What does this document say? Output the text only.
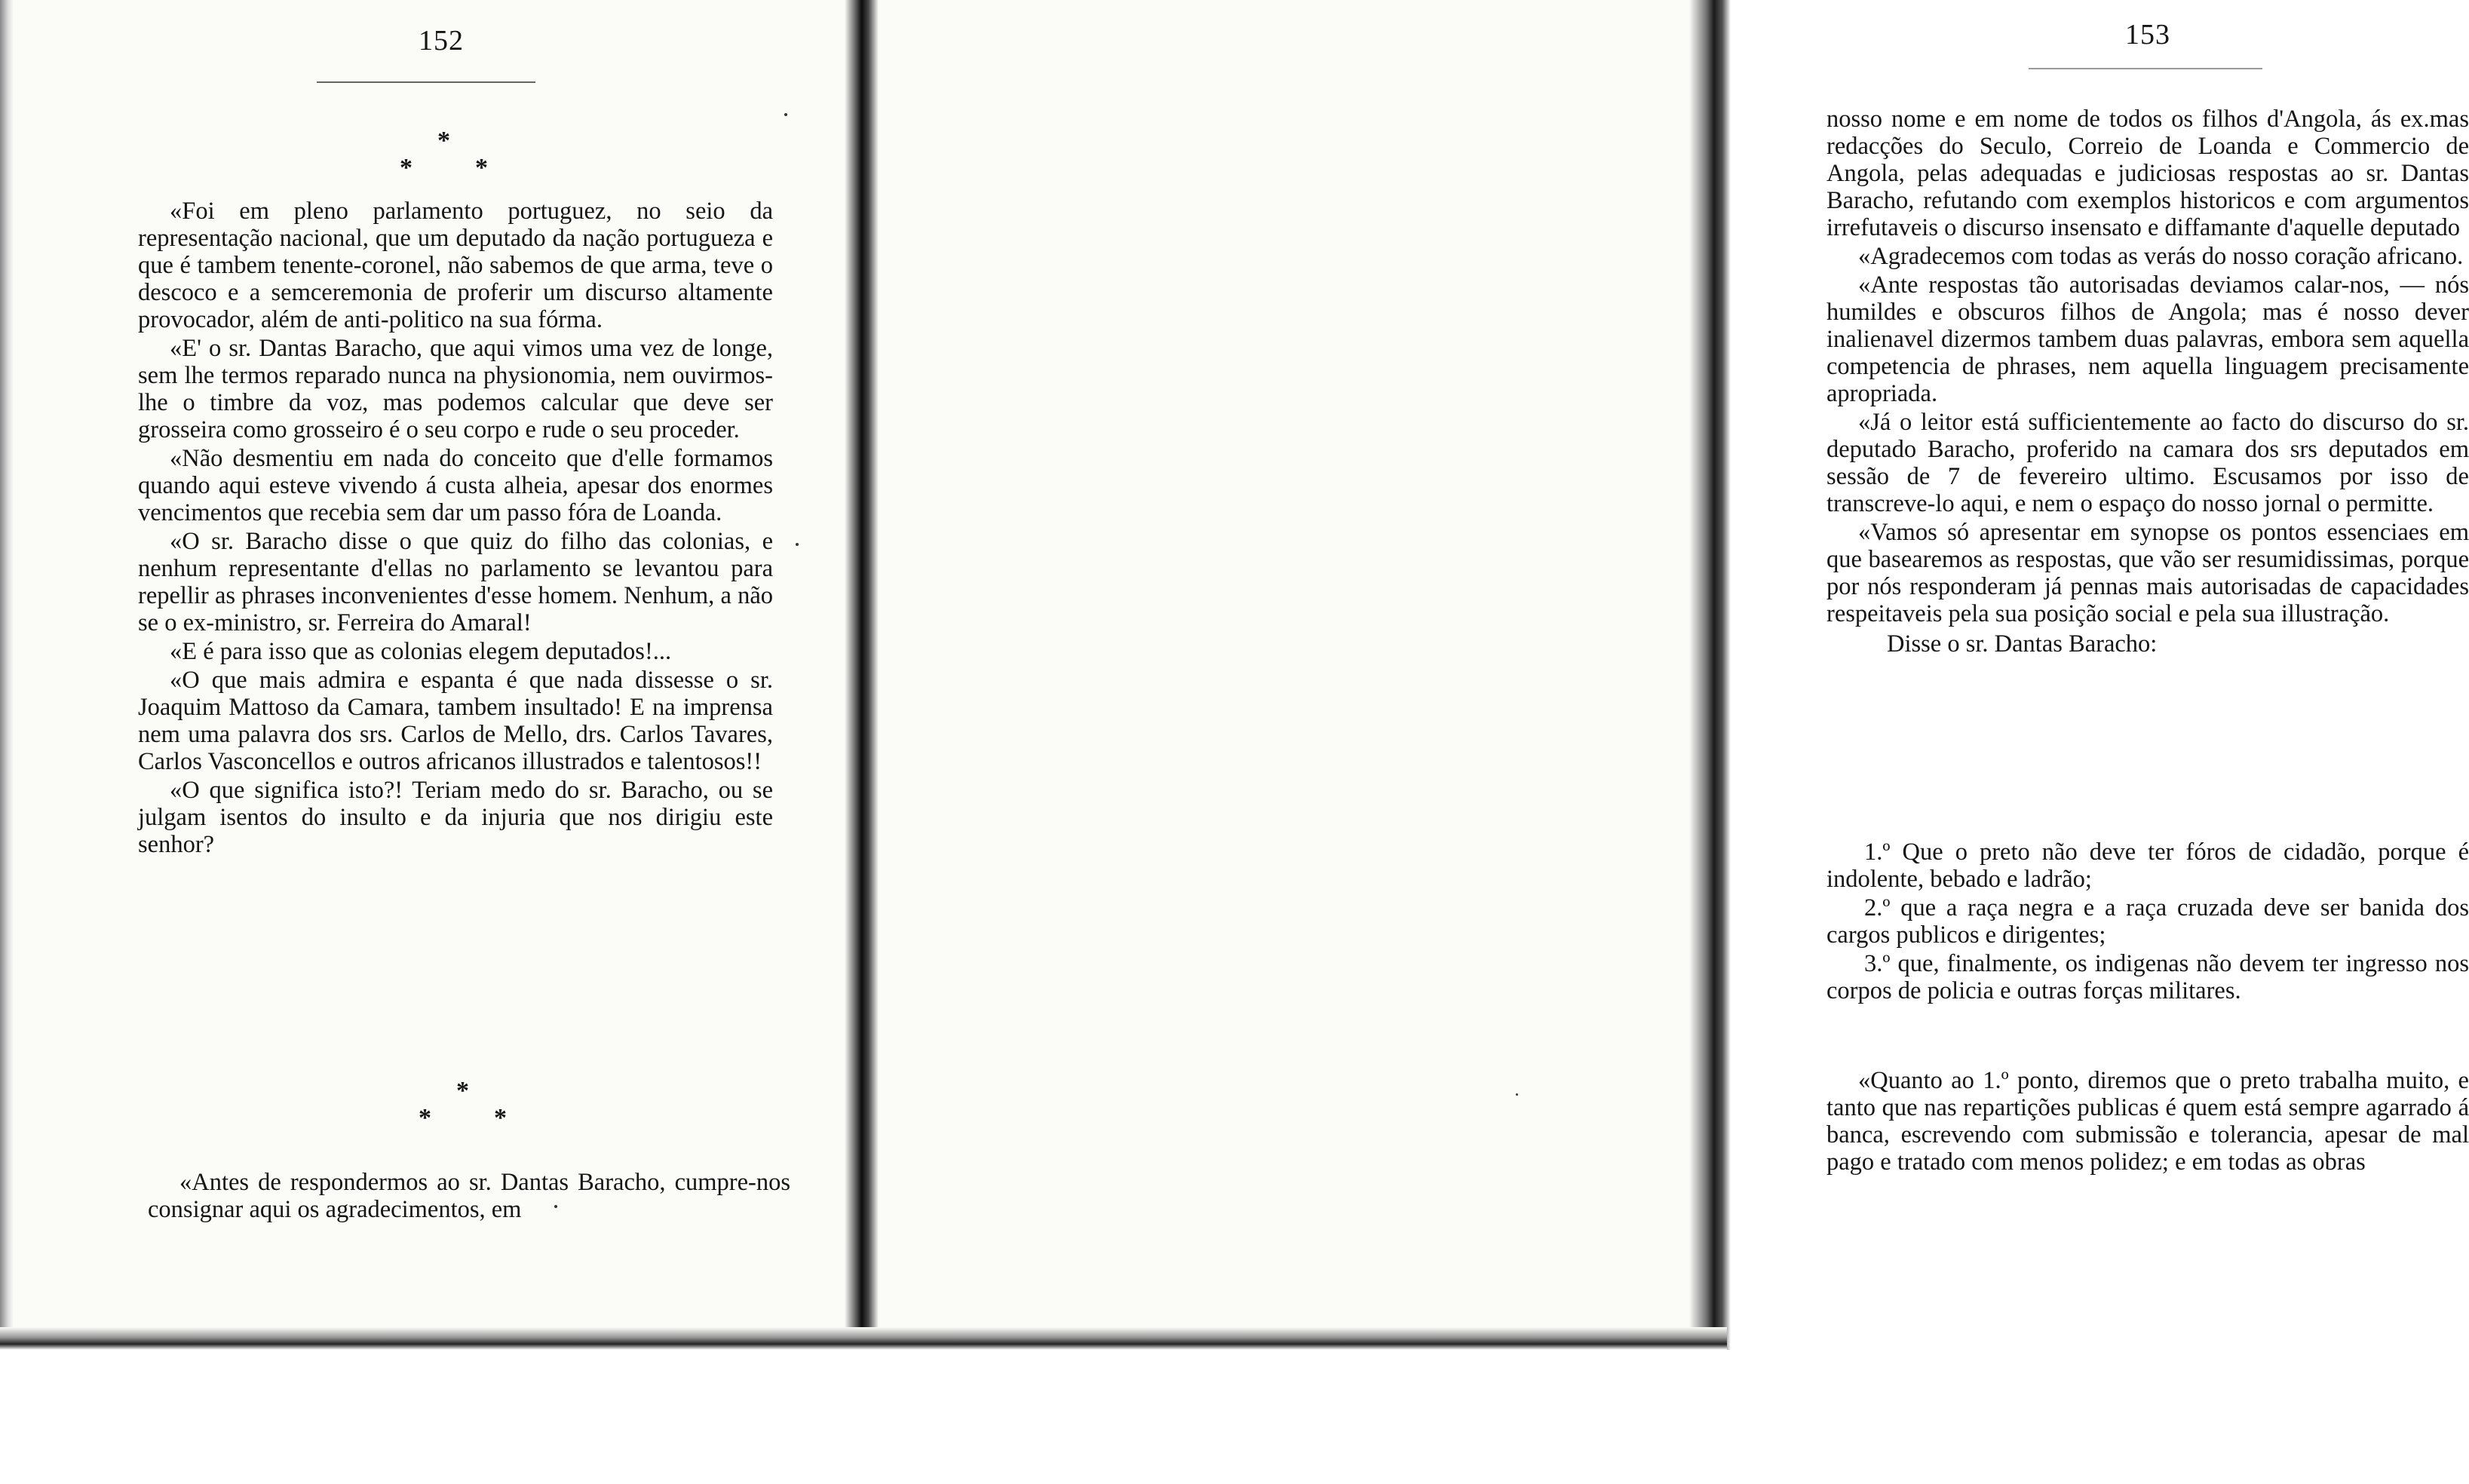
152
*
* *

«Foi em pleno parlamento portuguez, no seio da representação nacional, que um deputado da nação portugueza e que é tambem tenente-coronel, não sabemos de que arma, teve o descoco e a semceremonia de proferir um discurso altamente provocador, além de anti-politico na sua fórma.

«E' o sr. Dantas Baracho, que aqui vimos uma vez de longe, sem lhe termos reparado nunca na physionomia, nem ouvirmos-lhe o timbre da voz, mas podemos calcular que deve ser grosseira como grosseiro é o seu corpo e rude o seu proceder.

«Não desmentiu em nada do conceito que d'elle formamos quando aqui esteve vivendo á custa alheia, apesar dos enormes vencimentos que recebia sem dar um passo fóra de Loanda.

«O sr. Baracho disse o que quiz do filho das colonias, e nenhum representante d'ellas no parlamento se levantou para repellir as phrases inconvenientes d'esse homem. Nenhum, a não se o ex-ministro, sr. Ferreira do Amaral!

«E é para isso que as colonias elegem deputados!...

«O que mais admira e espanta é que nada dissesse o sr. Joaquim Mattoso da Camara, tambem insultado! E na imprensa nem uma palavra dos srs. Carlos de Mello, drs. Carlos Tavares, Carlos Vasconcellos e outros africanos illustrados e talentosos!!

«O que significa isto?! Teriam medo do sr. Baracho, ou se julgam isentos do insulto e da injuria que nos dirigiu este senhor?

*
* *

«Antes de respondermos ao sr. Dantas Baracho, cumpre-nos consignar aqui os agradecimentos, em

153

nosso nome e em nome de todos os filhos d'Angola, ás ex.mas redacções do Seculo, Correio de Loanda e Commercio de Angola, pelas adequadas e judiciosas respostas ao sr. Dantas Baracho, refutando com exemplos historicos e com argumentos irrefutaveis o discurso insensato e diffamante d'aquelle deputado

«Agradecemos com todas as verás do nosso coração africano.

«Ante respostas tão autorisadas deviamos calar-nos, — nós humildes e obscuros filhos de Angola; mas é nosso dever inalienavel dizermos tambem duas palavras, embora sem aquella competencia de phrases, nem aquella linguagem precisamente apropriada.

«Já o leitor está sufficientemente ao facto do discurso do sr. deputado Baracho, proferido na camara dos srs deputados em sessão de 7 de fevereiro ultimo. Escusamos por isso de transcreve-lo aqui, e nem o espaço do nosso jornal o permitte.

«Vamos só apresentar em synopse os pontos essenciaes em que basearemos as respostas, que vão ser resumidissimas, porque por nós responderam já pennas mais autorisadas de capacidades respeitaveis pela sua posição social e pela sua illustração.

Disse o sr. Dantas Baracho:

1.º Que o preto não deve ter fóros de cidadão, porque é indolente, bebado e ladrão;

2.º que a raça negra e a raça cruzada deve ser banida dos cargos publicos e dirigentes;

3.º que, finalmente, os indigenas não devem ter ingresso nos corpos de policia e outras forças militares.

«Quanto ao 1.º ponto, diremos que o preto trabalha muito, e tanto que nas repartições publicas é quem está sempre agarrado á banca, escrevendo com submissão e tolerancia, apesar de mal pago e tratado com menos polidez; e em todas as obras
